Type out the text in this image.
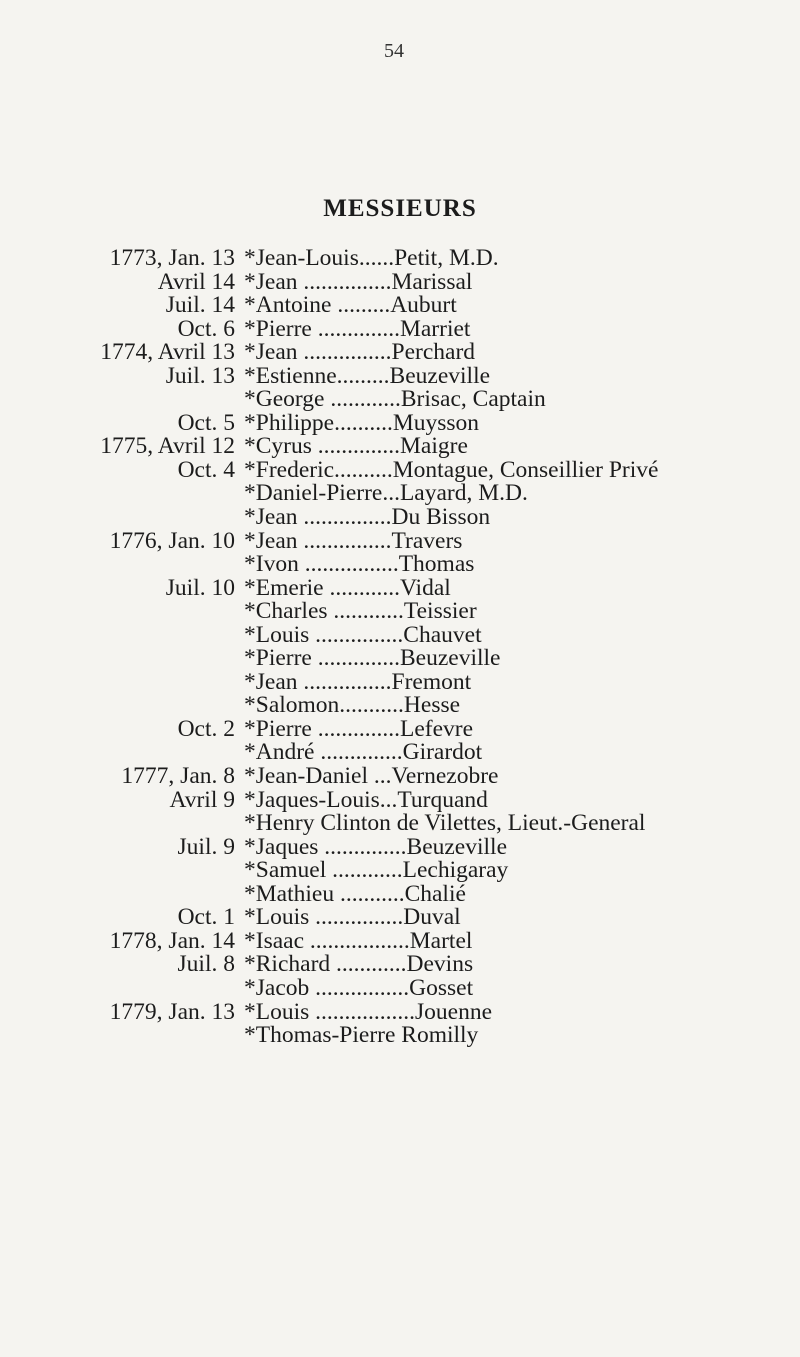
54
MESSIEURS
1773, Jan. 13 *Jean-Louis......Petit, M.D.
Avril 14 *Jean ...............Marissal
Juil. 14 *Antoine .........Auburt
Oct. 6 *Pierre ..............Marriet
1774, Avril 13 *Jean ...............Perchard
Juil. 13 *Estienne.........Beuzeville
*George ............Brisac, Captain
Oct. 5 *Philippe..........Muysson
1775, Avril 12 *Cyrus ..............Maigre
Oct. 4 *Frederic..........Montague, Conseillier Privé
*Daniel-Pierre...Layard, M.D.
*Jean ...............Du Bisson
1776, Jan. 10 *Jean ...............Travers
*Ivon ................Thomas
Juil. 10 *Emerie ............Vidal
*Charles ............Teissier
*Louis ...............Chauvet
*Pierre ..............Beuzeville
*Jean ...............Fremont
*Salomon...........Hesse
Oct. 2 *Pierre ..............Lefevre
*André ..............Girardot
1777, Jan. 8 *Jean-Daniel ...Vernezobre
Avril 9 *Jaques-Louis...Turquand
*Henry Clinton de Vilettes, Lieut.-General
Juil. 9 *Jaques ..............Beuzeville
*Samuel ............Lechigaray
*Mathieu ...........Chalié
Oct. 1 *Louis ...............Duval
1778, Jan. 14 *Isaac .................Martel
Juil. 8 *Richard ............Devins
*Jacob ................Gosset
1779, Jan. 13 *Louis .................Jouenne
*Thomas-Pierre Romilly
